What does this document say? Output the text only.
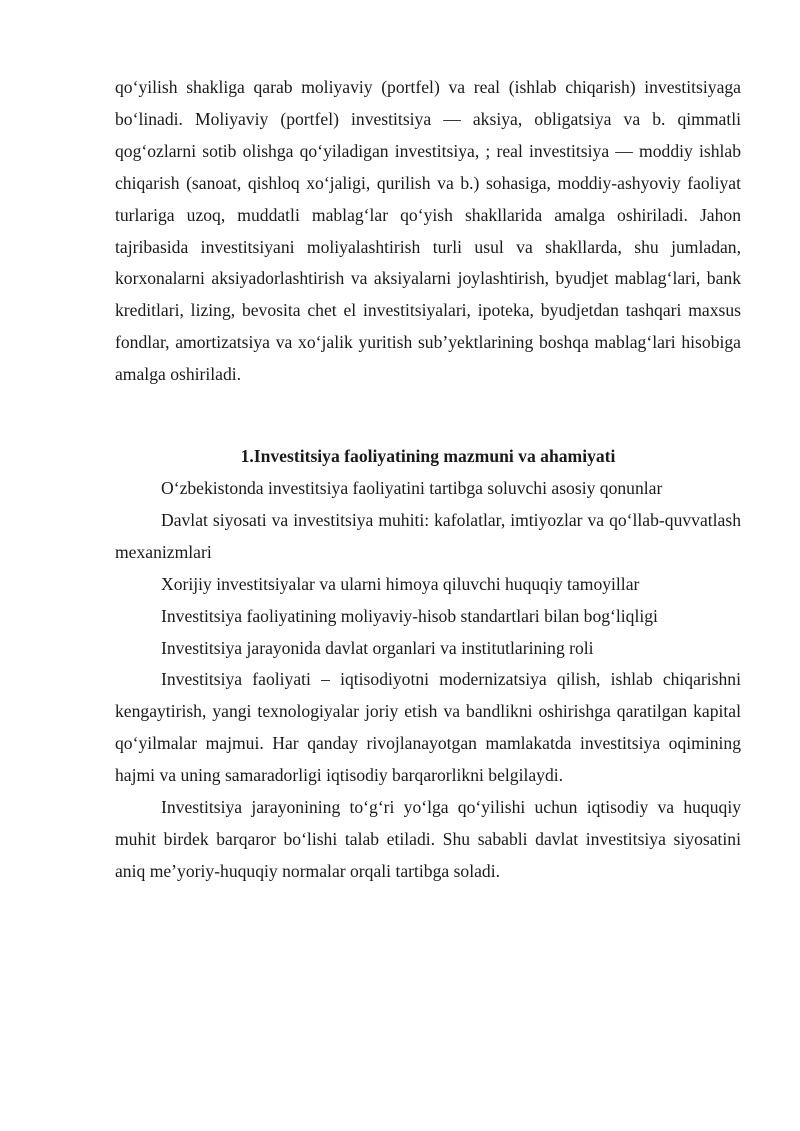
qo‘yilish shakliga qarab moliyaviy (portfel) va real (ishlab chiqarish) investitsiyaga bo‘linadi. Moliyaviy (portfel) investitsiya — aksiya, obligatsiya va b. qimmatli qog‘ozlarni sotib olishga qo‘yiladigan investitsiya, ; real investitsiya — moddiy ishlab chiqarish (sanoat, qishloq xo‘jaligi, qurilish va b.) sohasiga, moddiy-ashyoviy faoliyat turlariga uzoq, muddatli mablag‘lar qo‘yish shakllarida amalga oshiriladi. Jahon tajribasida investitsiyani moliyalashtirish turli usul va shakllarda, shu jumladan, korxonalarni aksiyadorlashtirish va aksiyalarni joylashtirish, byudjet mablag‘lari, bank kreditlari, lizing, bevosita chet el investitsiyalari, ipoteka, byudjetdan tashqari maxsus fondlar, amortizatsiya va xo‘jalik yuritish sub’yektlarining boshqa mablag‘lari hisobiga amalga oshiriladi.

1.Investitsiya faoliyatining mazmuni va ahamiyati

O‘zbekistonda investitsiya faoliyatini tartibga soluvchi asosiy qonunlar

Davlat siyosati va investitsiya muhiti: kafolatlar, imtiyozlar va qo‘llab-quvvatlash mexanizmlari

Xorijiy investitsiyalar va ularni himoya qiluvchi huquqiy tamoyillar

Investitsiya faoliyatining moliyaviy-hisob standartlari bilan bog‘liqligi

Investitsiya jarayonida davlat organlari va institutlarining roli

Investitsiya faoliyati – iqtisodiyotni modernizatsiya qilish, ishlab chiqarishni kengaytirish, yangi texnologiyalar joriy etish va bandlikni oshirishga qaratilgan kapital qo‘yilmalar majmui. Har qanday rivojlanayotgan mamlakatda investitsiya oqimining hajmi va uning samaradorligi iqtisodiy barqarorlikni belgilaydi.

Investitsiya jarayonining to‘g‘ri yo‘lga qo‘yilishi uchun iqtisodiy va huquqiy muhit birdek barqaror bo‘lishi talab etiladi. Shu sababli davlat investitsiya siyosatini aniq me’yoriy-huquqiy normalar orqali tartibga soladi.
